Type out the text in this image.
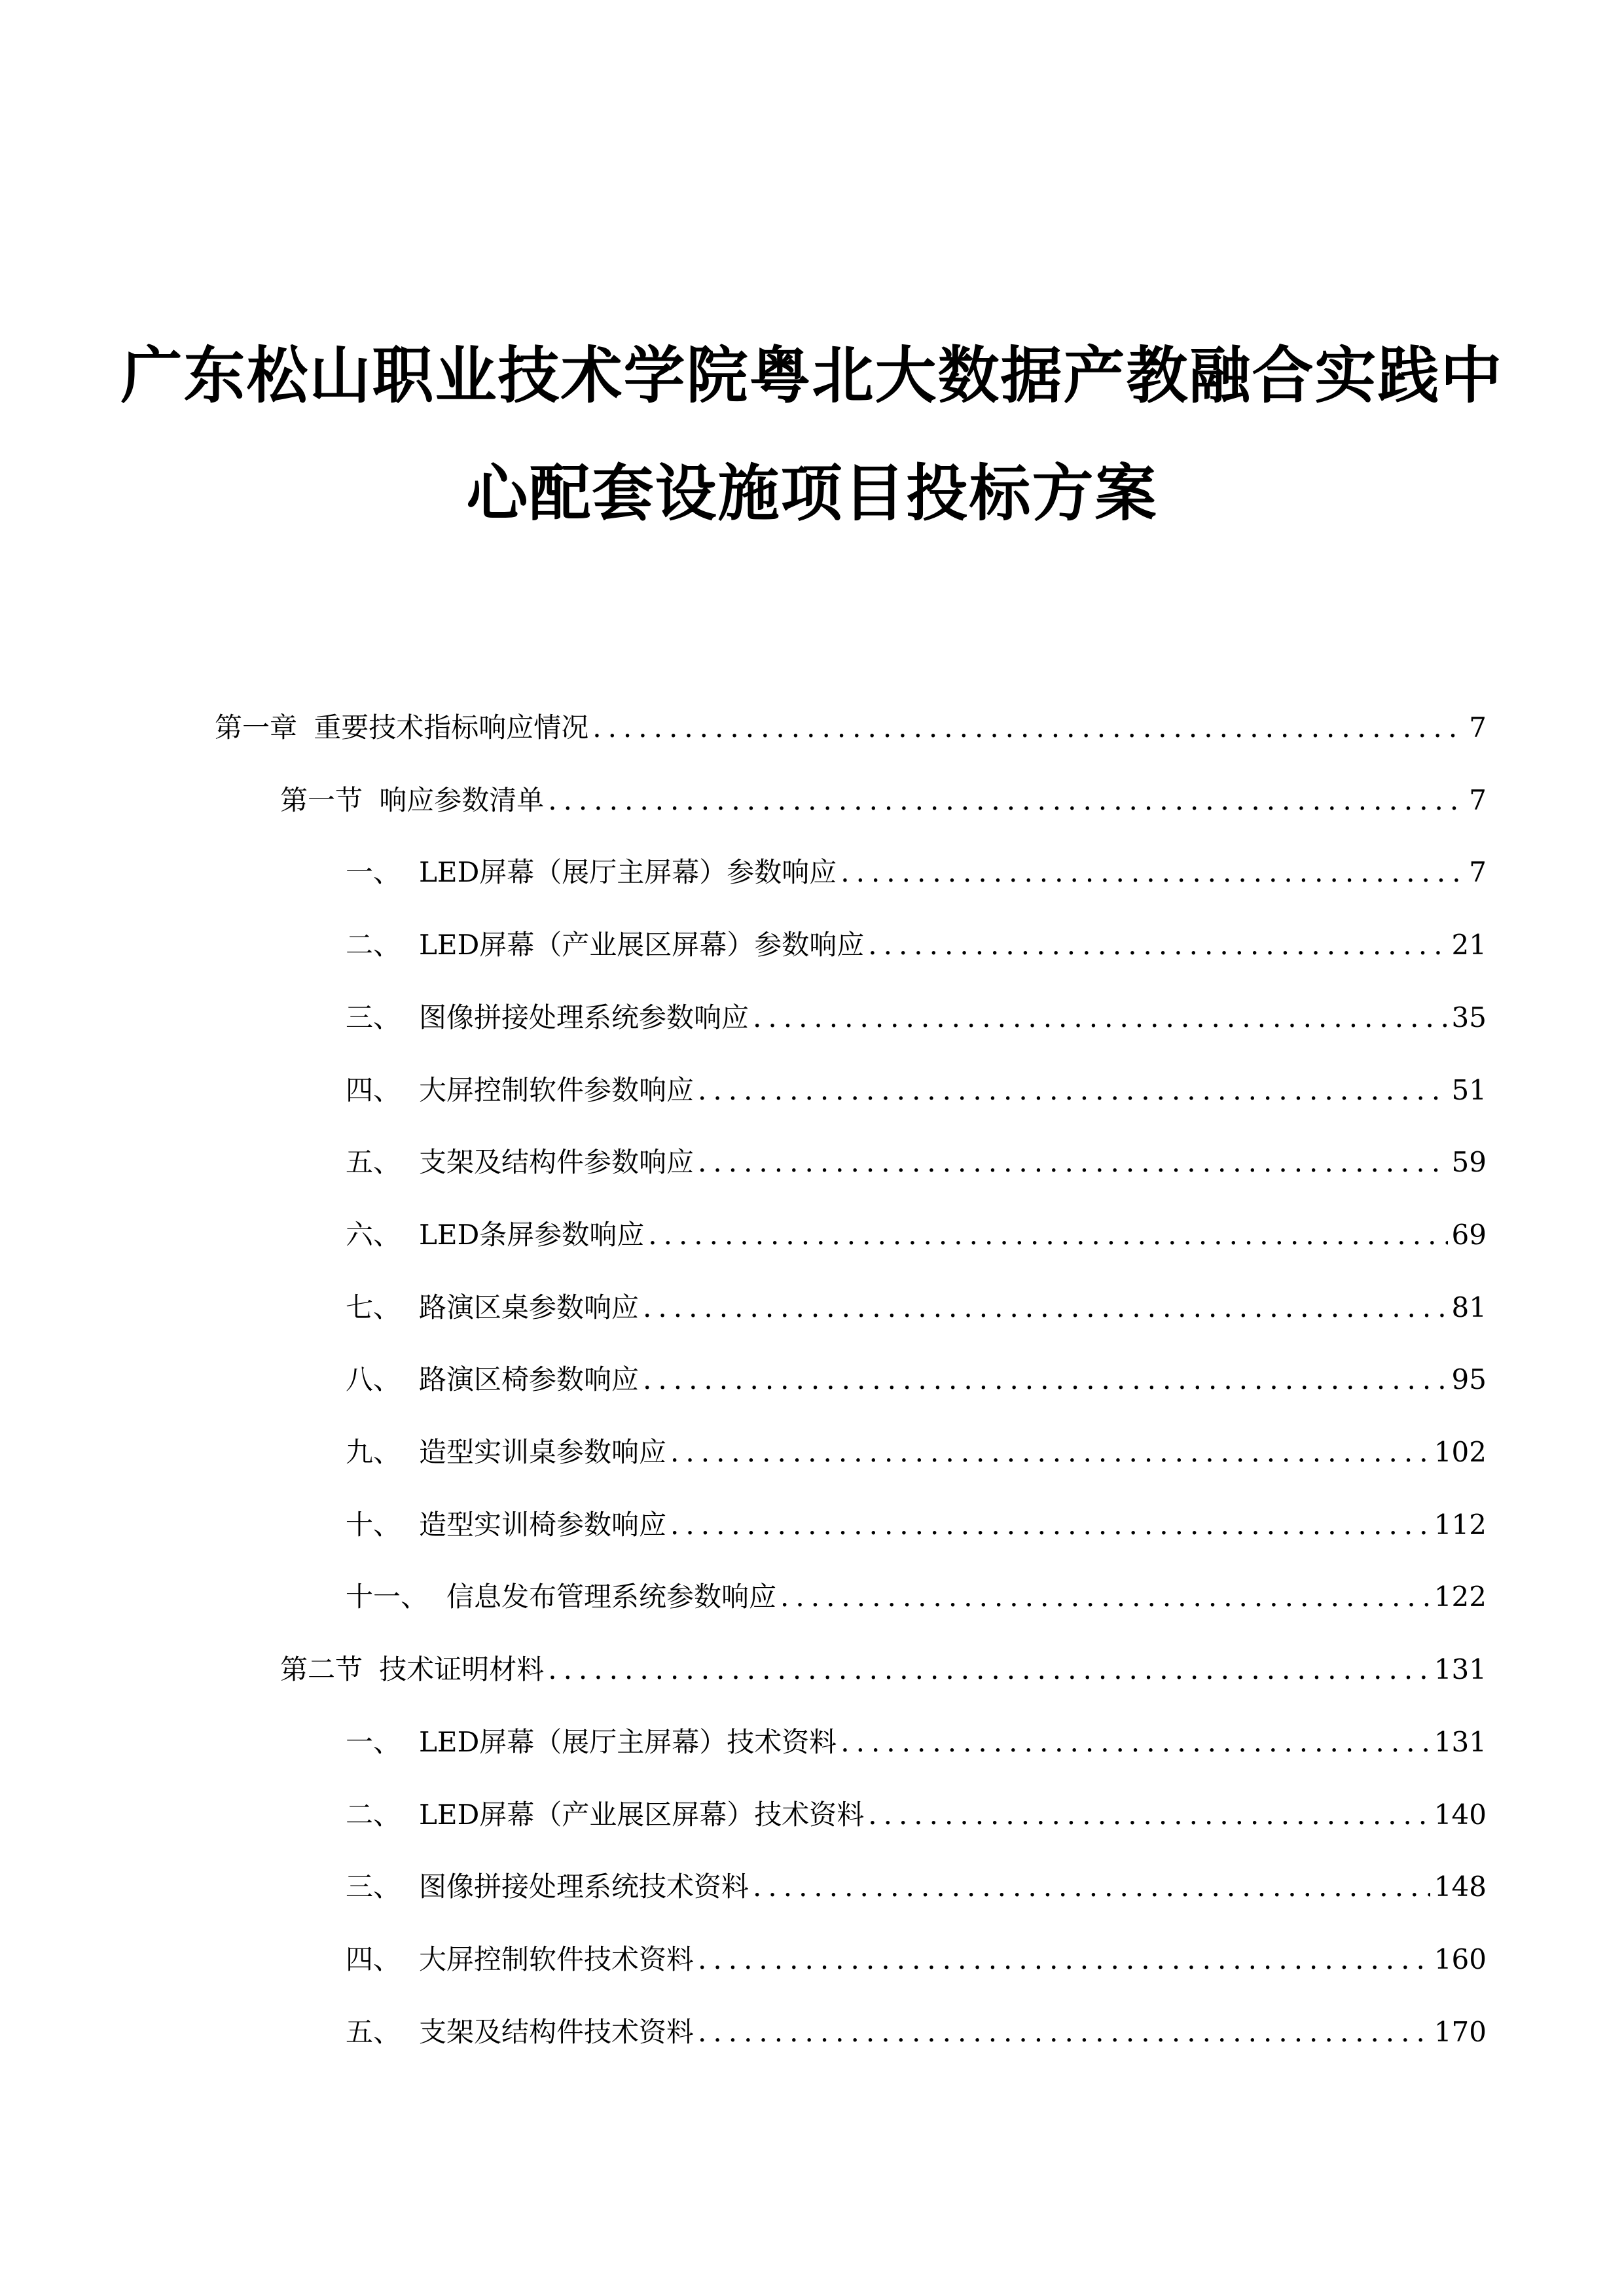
广东松山职业技术学院粤北大数据产教融合实践中
心配套设施项目投标方案
第一章 重要技术指标响应情况 .....	7
第一节 响应参数清单 .....	7
一、 LED屏幕（展厅主屏幕）参数响应 .....	7
二、 LED屏幕（产业展区屏幕）参数响应 .....	21
三、 图像拼接处理系统参数响应 .....	35
四、 大屏控制软件参数响应 .....	51
五、 支架及结构件参数响应 .....	59
六、 LED条屏参数响应 .....	69
七、 路演区桌参数响应 .....	81
八、 路演区椅参数响应 .....	95
九、 造型实训桌参数响应 .....	102
十、 造型实训椅参数响应 .....	112
十一、 信息发布管理系统参数响应 .....	122
第二节 技术证明材料 .....	131
一、 LED屏幕（展厅主屏幕）技术资料 .....	131
二、 LED屏幕（产业展区屏幕）技术资料 .....	140
三、 图像拼接处理系统技术资料 .....	148
四、 大屏控制软件技术资料 .....	160
五、 支架及结构件技术资料 .....	170
